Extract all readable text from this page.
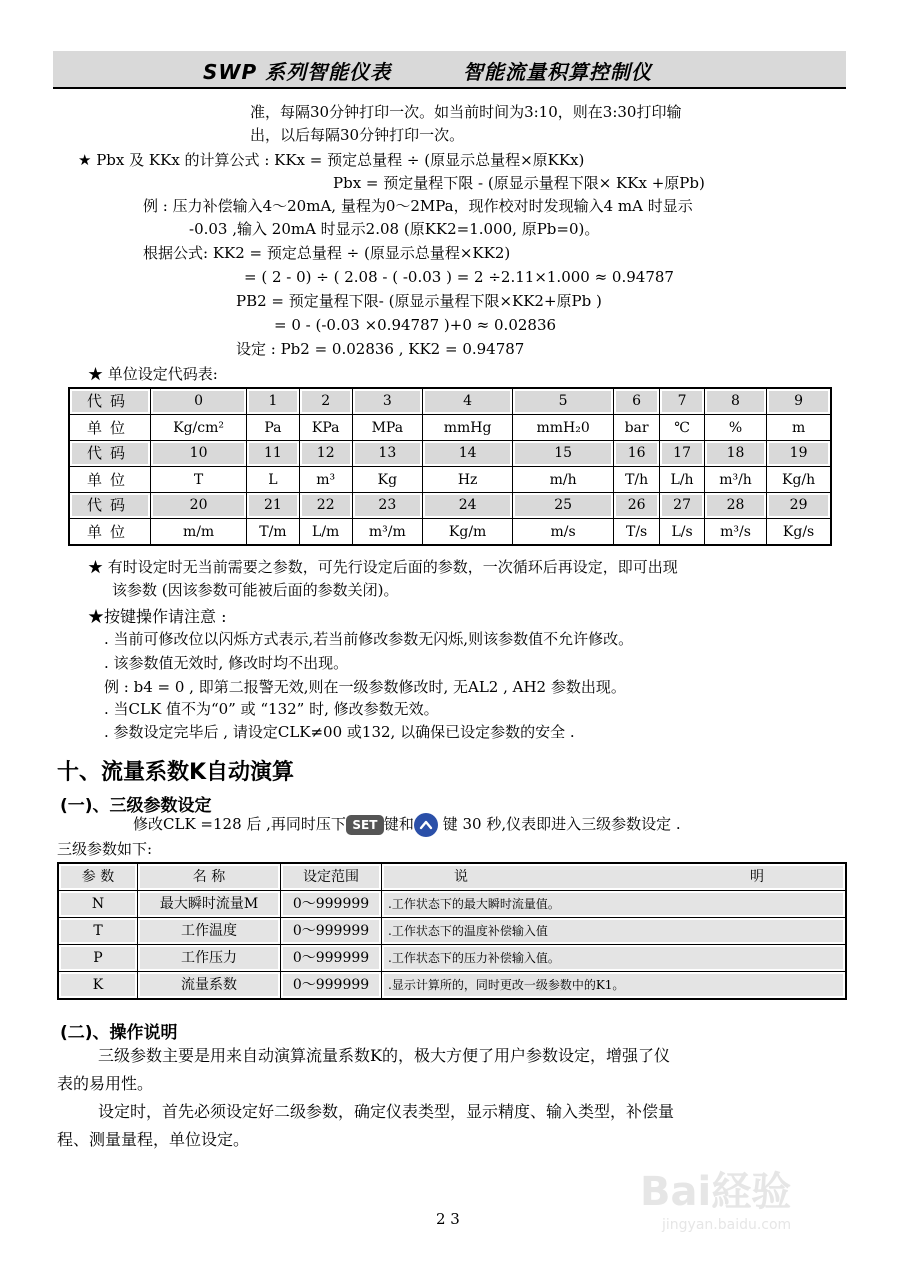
SWP 系列智能仪表	智能流量积算控制仪
准，每隔30分钟打印一次。如当前时间为3:10，则在3:30打印输
出，以后每隔30分钟打印一次。
★ Pbx 及 KKx 的计算公式 : KKx = 预定总量程 ÷ (原显示总量程×原KKx)
Pbx = 预定量程下限 - (原显示量程下限× KKx +原Pb)
例 : 压力补偿输入4～20mA, 量程为0～2MPa，现作校对时发现输入4 mA 时显示
-0.03 ,输入 20mA 时显示2.08 (原KK2=1.000, 原Pb=0)。
根据公式: KK2 = 预定总量程 ÷ (原显示总量程×KK2)
= ( 2 - 0) ÷ ( 2.08 - ( -0.03 ) = 2 ÷2.11×1.000 ≈ 0.94787
PB2 = 预定量程下限- (原显示量程下限×KK2+原Pb )
= 0 - (-0.03 ×0.94787 )+0 ≈ 0.02836
设定 : Pb2 = 0.02836 , KK2 = 0.94787
★ 单位设定代码表:
代码	0	1	2	3	4	5	6	7	8	9

单位	Kg/cm²	Pa	KPa	MPa	mmHg	mmH₂0	bar	℃	%	m

代码	10	11	12	13	14	15	16	17	18	19

单位	T	L	m³	Kg	Hz	m/h	T/h	L/h	m³/h	Kg/h

代码	20	21	22	23	24	25	26	27	28	29

单位	m/m	T/m	L/m	m³/m	Kg/m	m/s	T/s	L/s	m³/s	Kg/s
★ 有时设定时无当前需要之参数，可先行设定后面的参数，一次循环后再设定，即可出现
该参数 (因该参数可能被后面的参数关闭)。
★按键操作请注意 :
. 当前可修改位以闪烁方式表示,若当前修改参数无闪烁,则该参数值不允许修改。
. 该参数值无效时, 修改时均不出现。
例 : b4 = 0 , 即第二报警无效,则在一级参数修改时, 无AL2 , AH2 参数出现。
. 当CLK 值不为“0” 或 “132” 时, 修改参数无效。
. 参数设定完毕后 , 请设定CLK≠00 或132, 以确保已设定参数的安全 .
十、流量系数K自动演算
(一)、三级参数设定
修改CLK =128 后 ,再同时压下 SET 键和 键 30 秒,仪表即进入三级参数设定 .
三级参数如下:
参 数	名 称	设定范围	说 明

N	最大瞬时流量M	0～999999	.工作状态下的最大瞬时流量值。

T	工作温度	0～999999	.工作状态下的温度补偿输入值

P	工作压力	0～999999	.工作状态下的压力补偿输入值。

K	流量系数	0～999999	.显示计算所的，同时更改一级参数中的K1。
(二)、操作说明
三级参数主要是用来自动演算流量系数K的，极大方便了用户参数设定，增强了仪
表的易用性。
设定时，首先必须设定好二级参数，确定仪表类型，显示精度、输入类型，补偿量
程、测量量程，单位设定。
2 3
Bai経验
jingyan.baidu.com
